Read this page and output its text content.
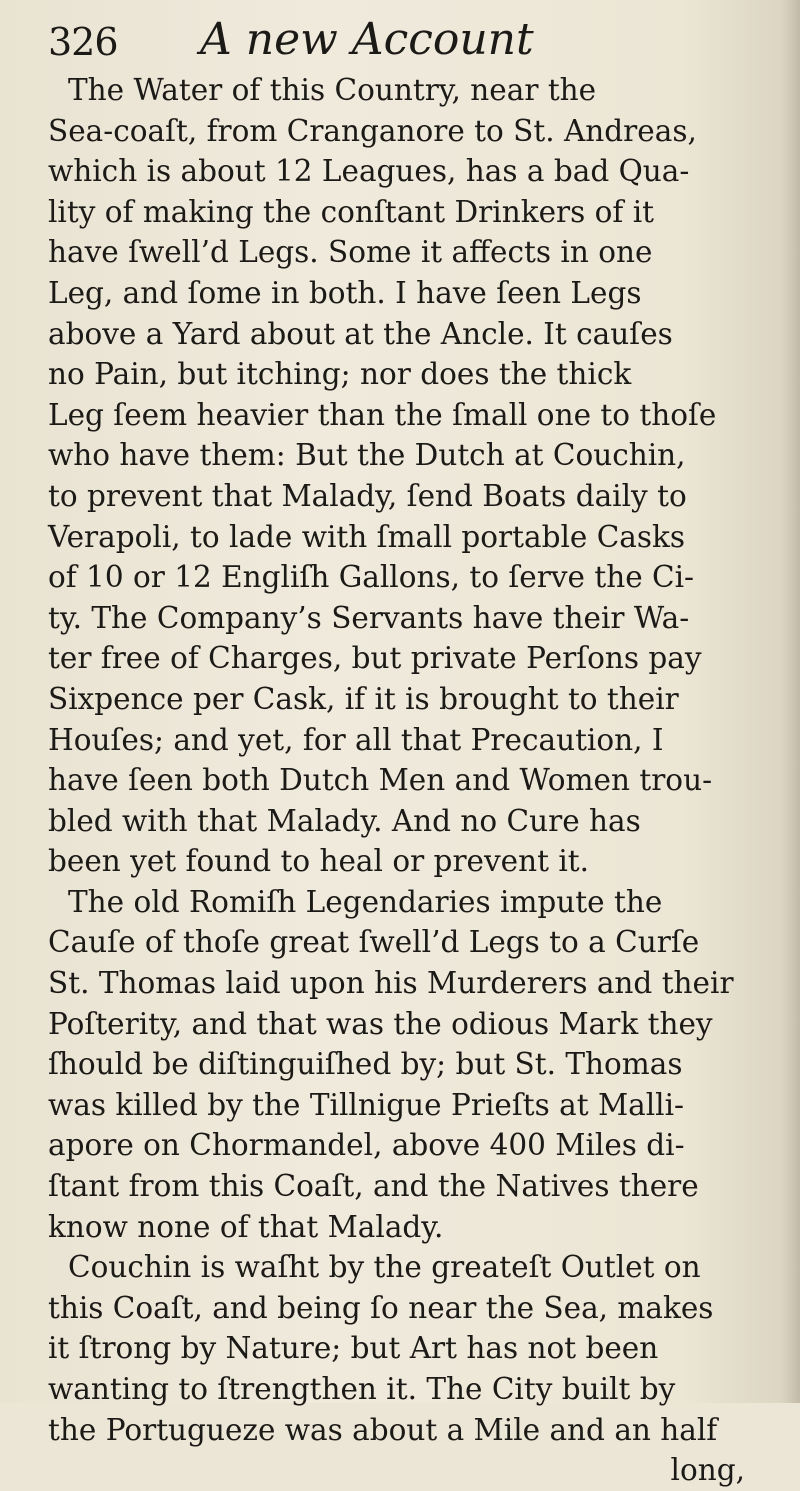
326 A new Account
The Water of this Country, near the
Sea-coaſt, from Cranganore to St. Andreas,
which is about 12 Leagues, has a bad Qua-
lity of making the conſtant Drinkers of it
have ſwell’d Legs. Some it affects in one
Leg, and ſome in both. I have ſeen Legs
above a Yard about at the Ancle. It cauſes
no Pain, but itching; nor does the thick
Leg ſeem heavier than the ſmall one to thoſe
who have them: But the Dutch at Couchin,
to prevent that Malady, ſend Boats daily to
Verapoli, to lade with ſmall portable Casks
of 10 or 12 Engliſh Gallons, to ſerve the Ci-
ty. The Company’s Servants have their Wa-
ter free of Charges, but private Perſons pay
Sixpence per Cask, if it is brought to their
Houſes; and yet, for all that Precaution, I
have ſeen both Dutch Men and Women trou-
bled with that Malady. And no Cure has
been yet found to heal or prevent it.
The old Romiſh Legendaries impute the
Cauſe of thoſe great ſwell’d Legs to a Curſe
St. Thomas laid upon his Murderers and their
Poſterity, and that was the odious Mark they
ſhould be diſtinguiſhed by; but St. Thomas
was killed by the Tillnigue Prieſts at Malli-
apore on Chormandel, above 400 Miles di-
ſtant from this Coaſt, and the Natives there
know none of that Malady.
Couchin is waſht by the greateſt Outlet on
this Coaſt, and being ſo near the Sea, makes
it ſtrong by Nature; but Art has not been
wanting to ſtrengthen it. The City built by
the Portugueze was about a Mile and an half
long,
